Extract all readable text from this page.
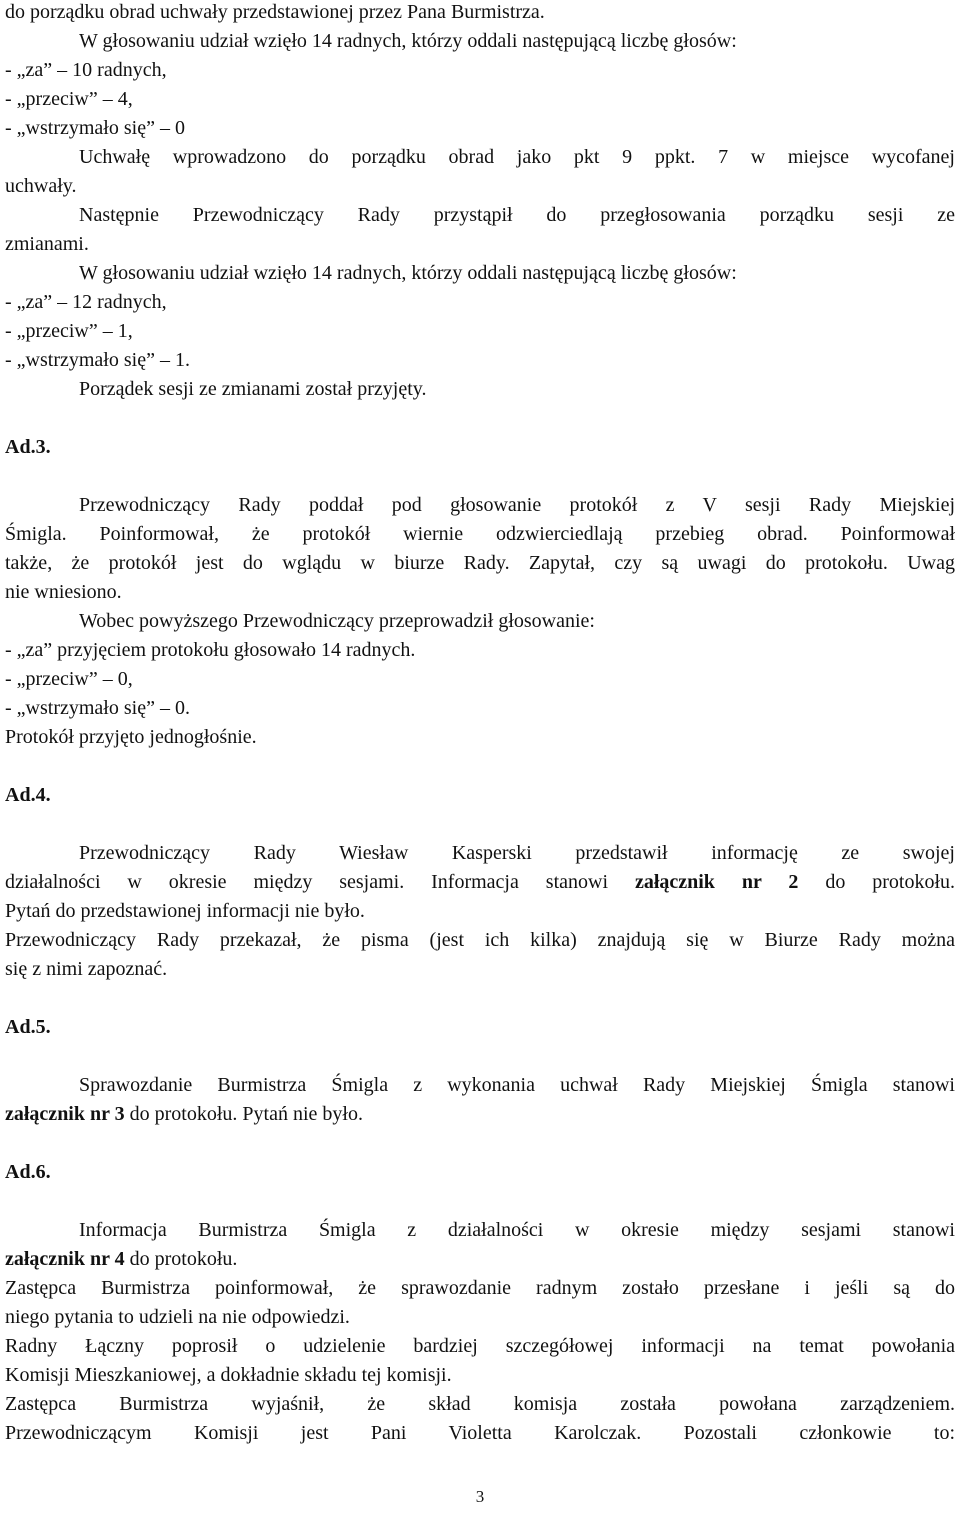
do porządku obrad uchwały przedstawionej przez Pana Burmistrza.
W głosowaniu udział wzięło 14 radnych, którzy oddali następującą liczbę głosów:
- „za” – 10 radnych,
- „przeciw” – 4,
- „wstrzymało się” – 0
Uchwałę wprowadzono do porządku obrad jako pkt 9 ppkt. 7 w miejsce wycofanej
uchwały.
Następnie Przewodniczący Rady przystąpił do przegłosowania porządku sesji ze
zmianami.
W głosowaniu udział wzięło 14 radnych, którzy oddali następującą liczbę głosów:
- „za” – 12 radnych,
- „przeciw” – 1,
- „wstrzymało się” – 1.
Porządek sesji ze zmianami został przyjęty.
Ad.3.
Przewodniczący Rady poddał pod głosowanie protokół z V sesji Rady Miejskiej
Śmigla. Poinformował, że protokół wiernie odzwierciedlają przebieg obrad. Poinformował
także, że protokół jest do wglądu w biurze Rady. Zapytał, czy są uwagi do protokołu. Uwag
nie wniesiono.
Wobec powyższego Przewodniczący przeprowadził głosowanie:
- „za” przyjęciem protokołu głosowało 14 radnych.
- „przeciw” – 0,
- „wstrzymało się” – 0.
Protokół przyjęto jednogłośnie.
Ad.4.
Przewodniczący Rady Wiesław Kasperski przedstawił informację ze swojej
działalności w okresie między sesjami. Informacja stanowi załącznik nr 2 do protokołu.
Pytań do przedstawionej informacji nie było.
Przewodniczący Rady przekazał, że pisma (jest ich kilka) znajdują się w Biurze Rady można
się z nimi zapoznać.
Ad.5.
Sprawozdanie Burmistrza Śmigla z wykonania uchwał Rady Miejskiej Śmigla stanowi
załącznik nr 3 do protokołu. Pytań nie było.
Ad.6.
Informacja Burmistrza Śmigla z działalności w okresie między sesjami stanowi
załącznik nr 4 do protokołu.
Zastępca Burmistrza poinformował, że sprawozdanie radnym zostało przesłane i jeśli są do
niego pytania to udzieli na nie odpowiedzi.
Radny Łączny poprosił o udzielenie bardziej szczegółowej informacji na temat powołania
Komisji Mieszkaniowej, a dokładnie składu tej komisji.
Zastępca Burmistrza wyjaśnił, że skład komisja została powołana zarządzeniem.
Przewodniczącym Komisji jest Pani Violetta Karolczak. Pozostali członkowie to:
3
